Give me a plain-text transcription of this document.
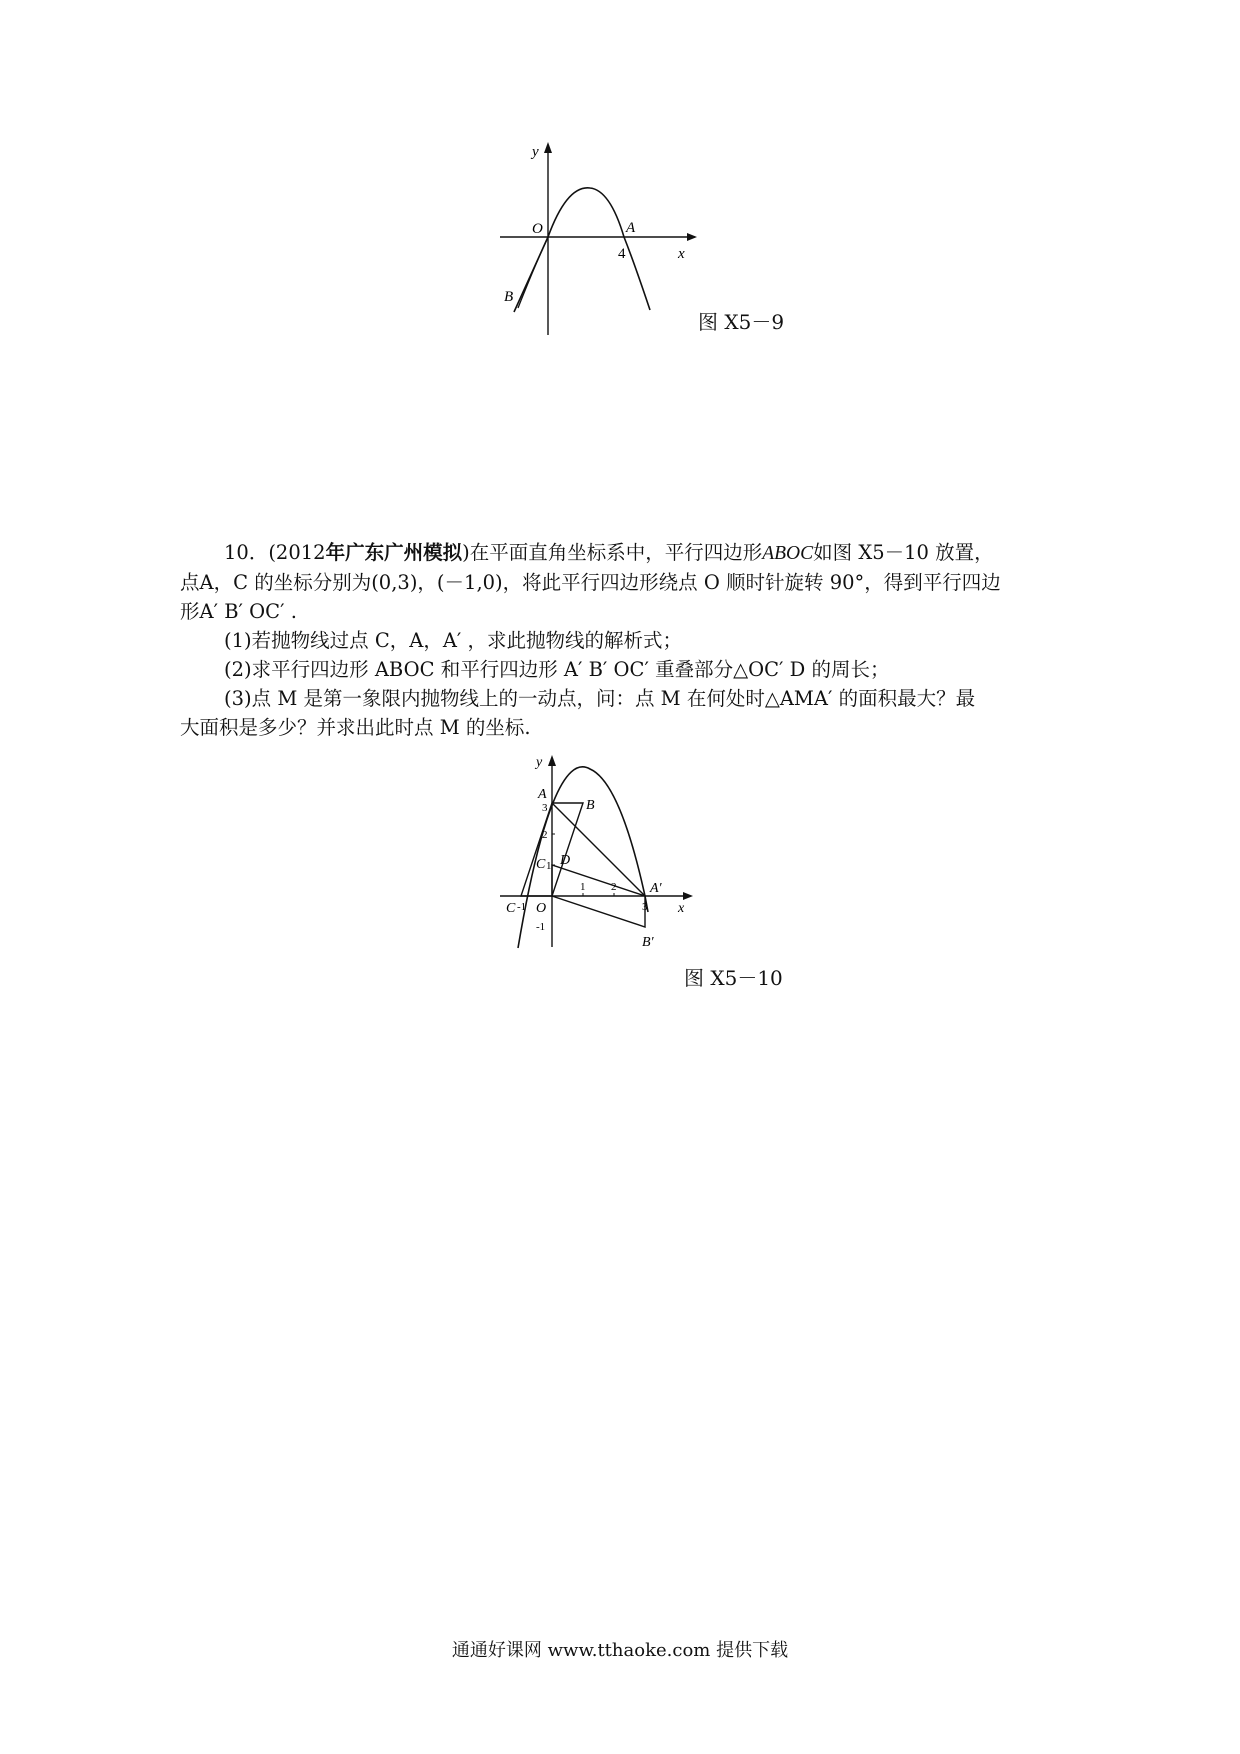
y
x
O	A
4
B
图 X5－9

10．(2012年广东广州模拟)在平面直角坐标系中，平行四边形ABOC如图 X5－10 放置，

点A，C 的坐标分别为(0,3)，(－1,0)，将此平行四边形绕点 O 顺时针旋转 90°，得到平行四边

形A′ B′ OC′ .

(1)若抛物线过点 C，A，A′ ，求此抛物线的解析式；

(2)求平行四边形 ABOC 和平行四边形 A′ B′ OC′ 重叠部分△OC′ D 的周长；

(3)点 M 是第一象限内抛物线上的一动点，问：点 M 在何处时△AMA′ 的面积最大？最

大面积是多少？并求出此时点 M 的坐标.

y
x
O
A
3	B
2
C 1 D
C -1
1 2
3
A′
-1
B′
图 X5－10
通通好课网 www.tthaoke.com 提供下载
